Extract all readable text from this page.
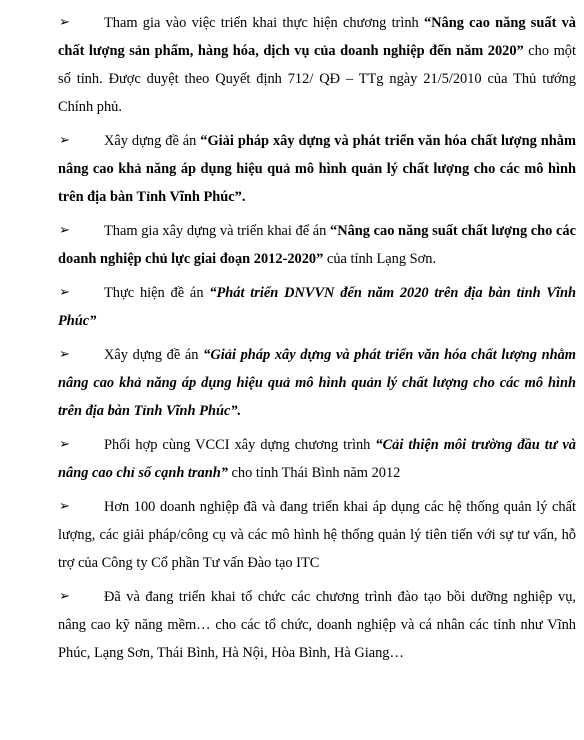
➢	Tham gia vào việc triển khai thực hiện chương trình “Nâng cao năng suất và chất lượng sản phẩm, hàng hóa, dịch vụ của doanh nghiệp đến năm 2020” cho một số tỉnh. Được duyệt theo Quyết định 712/ QĐ – TTg ngày 21/5/2010 của Thủ tướng Chính phủ.

➢	Xây dựng đề án “Giải pháp xây dựng và phát triển văn hóa chất lượng nhằm nâng cao khả năng áp dụng hiệu quả mô hình quản lý chất lượng cho các mô hình trên địa bàn Tỉnh Vĩnh Phúc”.

➢	Tham gia xây dựng và triển khai để án “Nâng cao năng suất chất lượng cho các doanh nghiệp chủ lực giai đoạn 2012-2020” của tỉnh Lạng Sơn.

➢	Thực hiện đề án “Phát triển DNVVN đến năm 2020 trên địa bàn tỉnh Vĩnh Phúc”

➢	Xây dựng đề án “Giải pháp xây dựng và phát triển văn hóa chất lượng nhằm nâng cao khả năng áp dụng hiệu quả mô hình quản lý chất lượng cho các mô hình trên địa bàn Tỉnh Vĩnh Phúc”.

➢	Phối hợp cùng VCCI xây dựng chương trình “Cải thiện môi trường đầu tư và nâng cao chỉ số cạnh tranh” cho tỉnh Thái Bình năm 2012

➢	Hơn 100 doanh nghiệp đã và đang triển khai áp dụng các hệ thống quản lý chất lượng, các giải pháp/công cụ và các mô hình hệ thống quản lý tiên tiến với sự tư vấn, hỗ trợ của Công ty Cổ phần Tư vấn Đào tạo ITC

➢	Đã và đang triển khai tổ chức các chương trình đào tạo bồi dưỡng nghiệp vụ, nâng cao kỹ năng mềm… cho các tổ chức, doanh nghiệp và cá nhân các tỉnh như Vĩnh Phúc, Lạng Sơn, Thái Bình, Hà Nội, Hòa Bình, Hà Giang…
